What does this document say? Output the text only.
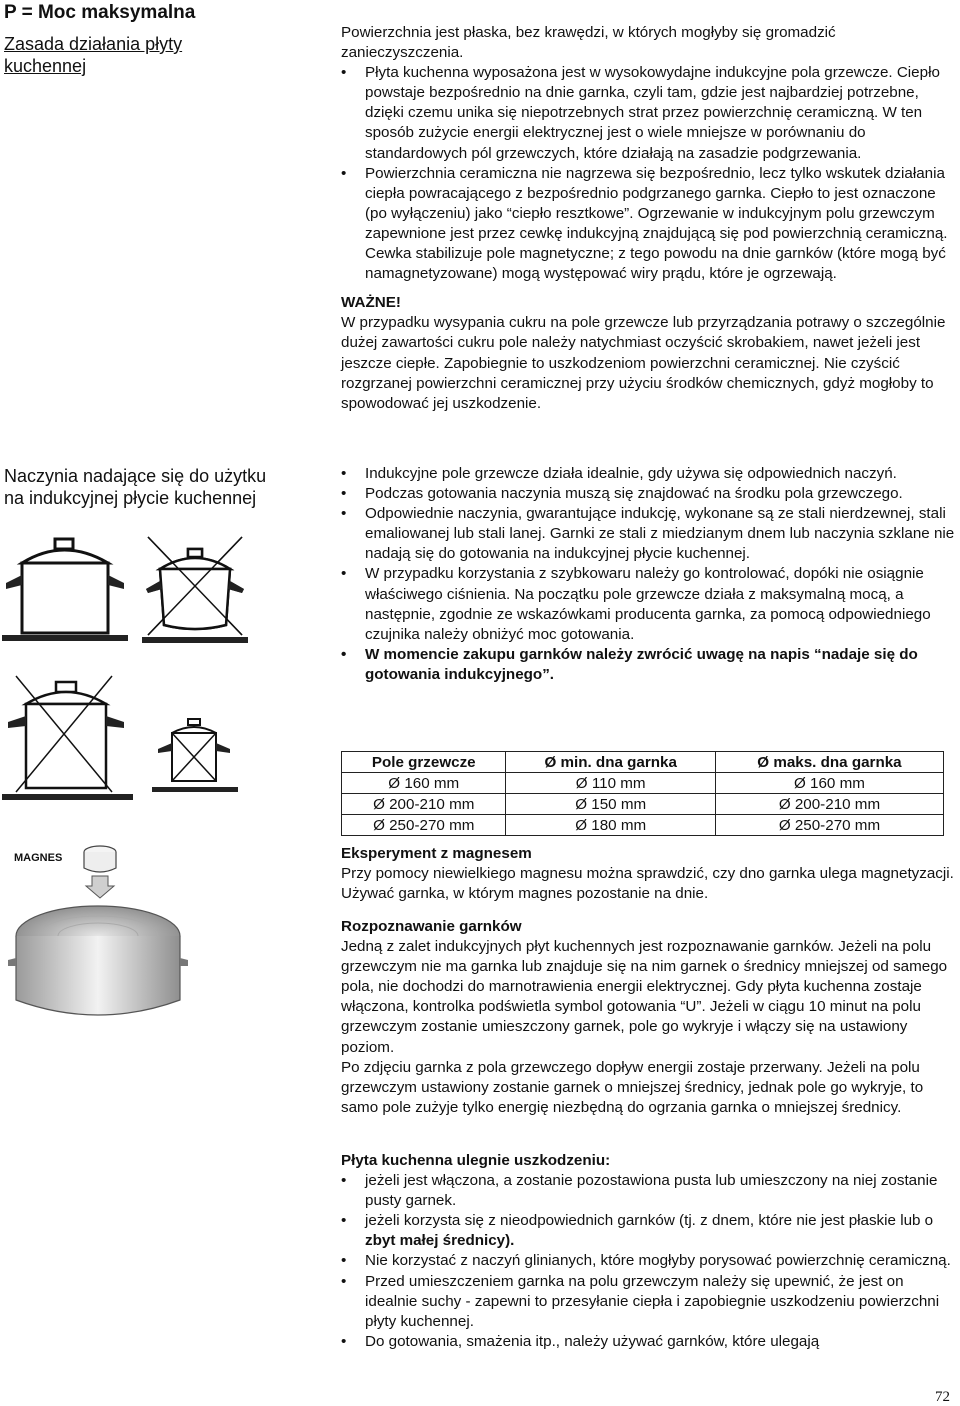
P = Moc maksymalna
Zasada działania płyty
kuchennej

Powierzchnia jest płaska, bez krawędzi, w których mogłyby się gromadzić zanieczyszczenia.

• Płyta kuchenna wyposażona jest w wysokowydajne indukcyjne pola grzewcze. Ciepło powstaje bezpośrednio na dnie garnka, czyli tam, gdzie jest najbardziej potrzebne, dzięki czemu unika się niepotrzebnych strat przez powierzchnię ceramiczną. W ten sposób zużycie energii elektrycznej jest o wiele mniejsze w porównaniu do standardowych pól grzewczych, które działają na zasadzie podgrzewania.

• Powierzchnia ceramiczna nie nagrzewa się bezpośrednio, lecz tylko wskutek działania ciepła powracającego z bezpośrednio podgrzanego garnka. Ciepło to jest oznaczone (po wyłączeniu) jako “ciepło resztkowe”. Ogrzewanie w indukcyjnym polu grzewczym zapewnione jest przez cewkę indukcyjną znajdującą się pod powierzchnią ceramiczną. Cewka stabilizuje pole magnetyczne; z tego powodu na dnie garnków (które mogą być namagnetyzowane) mogą występować wiry prądu, które je ogrzewają.

WAŻNE!

W przypadku wysypania cukru na pole grzewcze lub przyrządzania potrawy o szczególnie dużej zawartości cukru pole należy natychmiast oczyścić skrobakiem, nawet jeżeli jest jeszcze ciepłe. Zapobiegnie to uszkodzeniom powierzchni ceramicznej. Nie czyścić rozgrzanej powierzchni ceramicznej przy użyciu środków chemicznych, gdyż mogłoby to spowodować jej uszkodzenie.

Naczynia nadające się do użytku
na indukcyjnej płycie kuchennej

• Indukcyjne pole grzewcze działa idealnie, gdy używa się odpowiednich naczyń.

• Podczas gotowania naczynia muszą się znajdować na środku pola grzewczego.

• Odpowiednie naczynia, gwarantujące indukcję, wykonane są ze stali nierdzewnej, stali emaliowanej lub stali lanej. Garnki ze stali z miedzianym dnem lub naczynia szklane nie nadają się do gotowania na indukcyjnej płycie kuchennej.

• W przypadku korzystania z szybkowaru należy go kontrolować, dopóki nie osiągnie właściwego ciśnienia. Na początku pole grzewcze działa z maksymalną mocą, a następnie, zgodnie ze wskazówkami producenta garnka, za pomocą odpowiedniego czujnika należy obniżyć moc gotowania.

• W momencie zakupu garnków należy zwrócić uwagę na napis “nadaje się do gotowania indukcyjnego”.

Pole grzewcze	Ø min. dna garnka	Ø maks. dna garnka
Ø 160 mm	Ø 110 mm	Ø 160 mm
Ø 200-210 mm	Ø 150 mm	Ø 200-210 mm
Ø 250-270 mm	Ø 180 mm	Ø 250-270 mm

Eksperyment z magnesem

Przy pomocy niewielkiego magnesu można sprawdzić, czy dno garnka ulega magnetyzacji. Używać garnka, w którym magnes pozostanie na dnie.

Rozpoznawanie garnków

Jedną z zalet indukcyjnych płyt kuchennych jest rozpoznawanie garnków. Jeżeli na polu grzewczym nie ma garnka lub znajduje się na nim garnek o średnicy mniejszej od samego pola, nie dochodzi do marnotrawienia energii elektrycznej. Gdy płyta kuchenna zostaje włączona, kontrolka podświetla symbol gotowania “U”. Jeżeli w ciągu 10 minut na polu grzewczym zostanie umieszczony garnek, pole go wykryje i włączy się na ustawiony poziom.

Po zdjęciu garnka z pola grzewczego dopływ energii zostaje przerwany. Jeżeli na polu grzewczym ustawiony zostanie garnek o mniejszej średnicy, jednak pole go wykryje, to samo pole zużyje tylko energię niezbędną do ogrzania garnka o mniejszej średnicy.

Płyta kuchenna ulegnie uszkodzeniu:

• jeżeli jest włączona, a zostanie pozostawiona pusta lub umieszczony na niej zostanie pusty garnek.

• jeżeli korzysta się z nieodpowiednich garnków (tj. z dnem, które nie jest płaskie lub o zbyt małej średnicy).

• Nie korzystać z naczyń glinianych, które mogłyby porysować powierzchnię ceramiczną.

• Przed umieszczeniem garnka na polu grzewczym należy się upewnić, że jest on idealnie suchy - zapewni to przesyłanie ciepła i zapobiegnie uszkodzeniu powierzchni płyty kuchennej.

• Do gotowania, smażenia itp., należy używać garnków, które ulegają

MAGNES
72
